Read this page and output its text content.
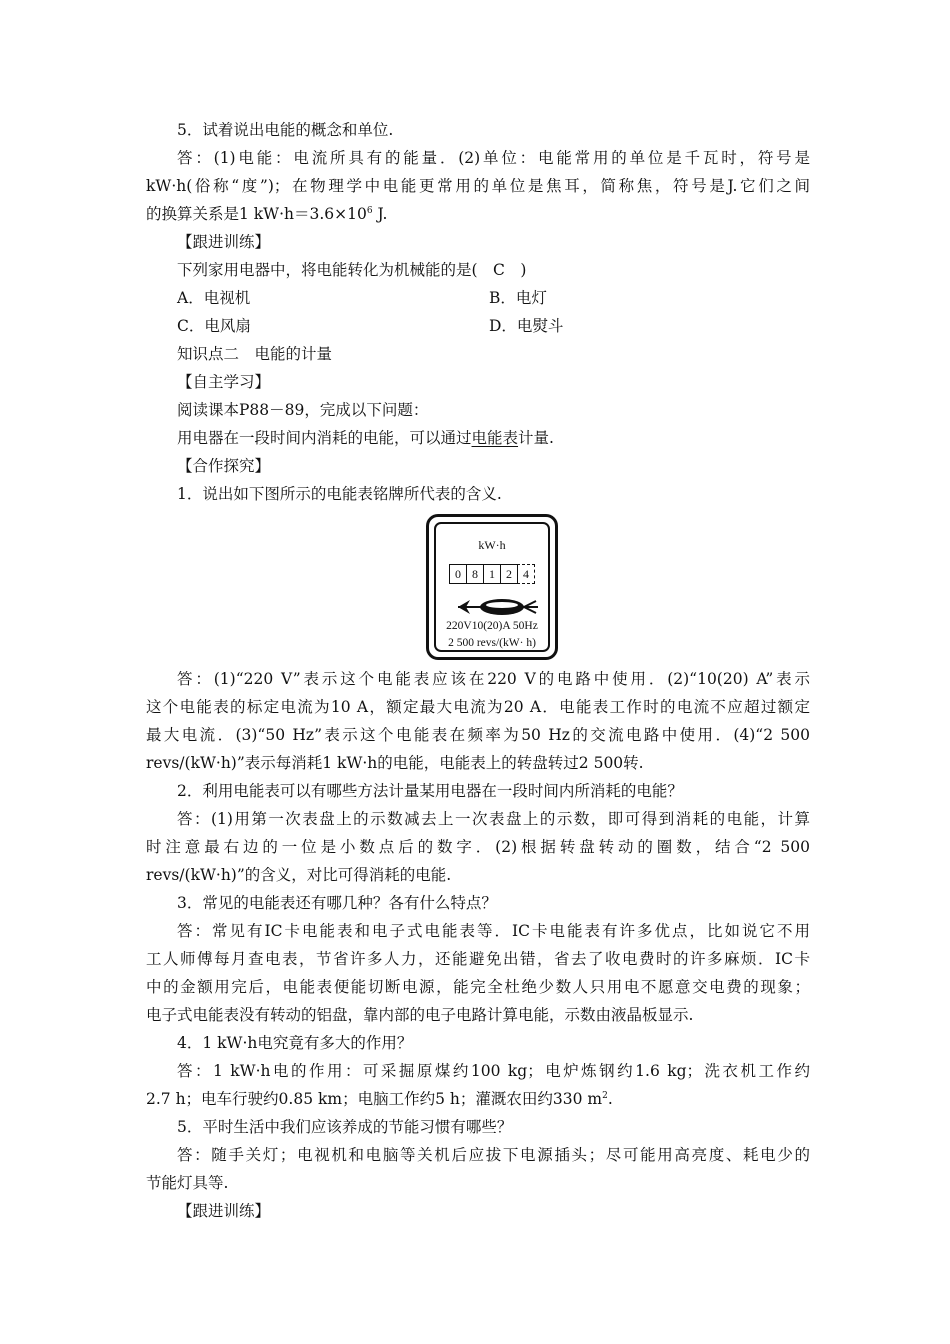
5．试着说出电能的概念和单位.
答：(1)电能：电流所具有的能量．(2)单位：电能常用的单位是千瓦时，符号是
kW·h(俗称“度”)；在物理学中电能更常用的单位是焦耳，简称焦，符号是J.它们之间
的换算关系是1 $kW\cdot h=3.6\times 10^6$ J.
【跟进训练】
下列家用电器中，将电能转化为机械能的是(　C　)
A．电视机	B．电灯
C．电风扇	D．电熨斗
知识点二　电能的计量
【自主学习】
阅读课本P88－89，完成以下问题：
用电器在一段时间内消耗的电能，可以通过电能表计量.
【合作探究】
1．说出如下图所示的电能表铭牌所代表的含义.
kW·h
0 8 1 2 4
220V10(20)A 50Hz
2 500 revs/(kW· h)
答：(1)“220 V”表示这个电能表应该在220 V的电路中使用．(2)“10(20) A”表示
这个电能表的标定电流为10 A，额定最大电流为20 A．电能表工作时的电流不应超过额定
最大电流．(3)“50 Hz”表示这个电能表在频率为50 Hz的交流电路中使用．(4)“2 500
revs/(kW·h)”表示每消耗1 kW·h的电能，电能表上的转盘转过2 500转.
2．利用电能表可以有哪些方法计量某用电器在一段时间内所消耗的电能？
答：(1)用第一次表盘上的示数减去上一次表盘上的示数，即可得到消耗的电能，计算
时注意最右边的一位是小数点后的数字．(2)根据转盘转动的圈数，结合“2 500
revs/(kW·h)”的含义，对比可得消耗的电能.
3．常见的电能表还有哪几种？各有什么特点？
答：常见有IC卡电能表和电子式电能表等．IC卡电能表有许多优点，比如说它不用
工人师傅每月查电表，节省许多人力，还能避免出错，省去了收电费时的许多麻烦．IC卡
中的金额用完后，电能表便能切断电源，能完全杜绝少数人只用电不愿意交电费的现象；
电子式电能表没有转动的铝盘，靠内部的电子电路计算电能，示数由液晶板显示.
4．1 kW·h电究竟有多大的作用？
答：1 kW·h电的作用：可采掘原煤约100 kg；电炉炼钢约1.6 kg；洗衣机工作约
2.7 h；电车行驶约0.85 km；电脑工作约5 h；灌溉农田约330 $m^2$.
5．平时生活中我们应该养成的节能习惯有哪些？
答：随手关灯；电视机和电脑等关机后应拔下电源插头；尽可能用高亮度、耗电少的
节能灯具等.
【跟进训练】
